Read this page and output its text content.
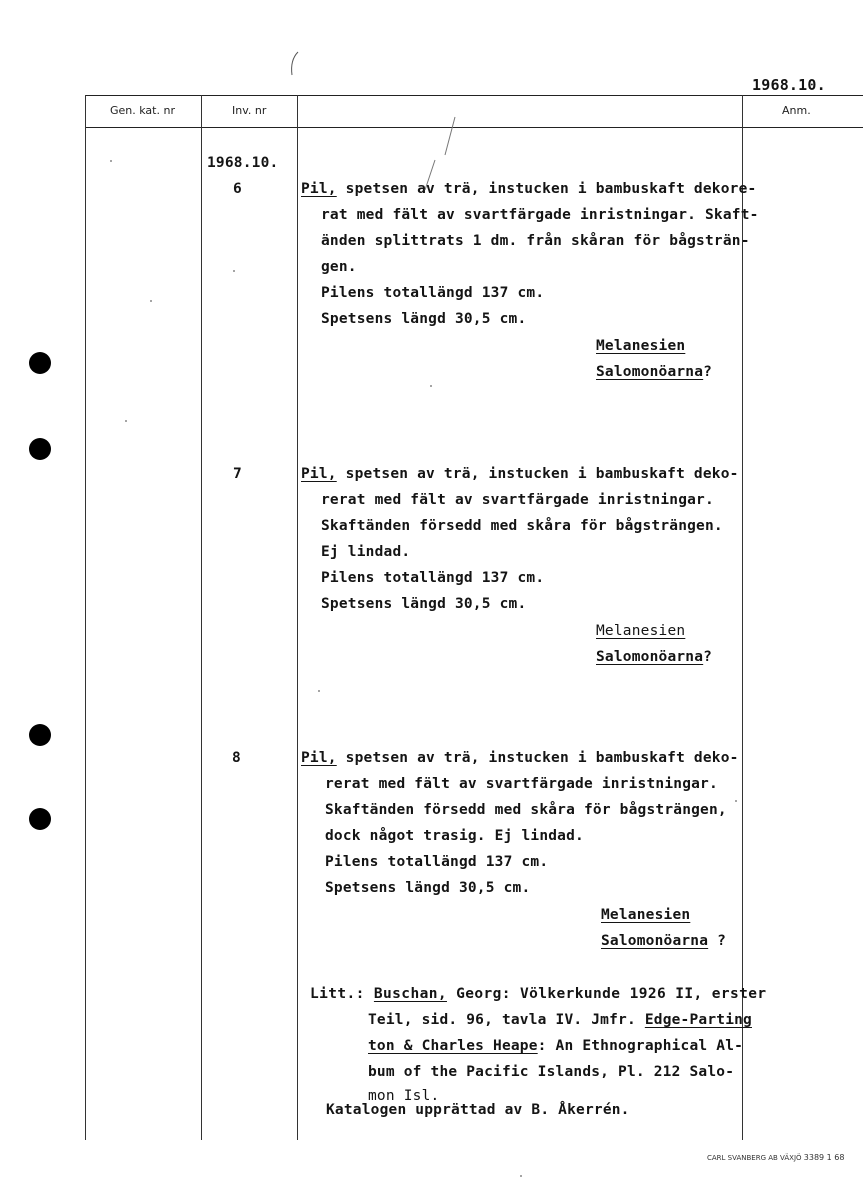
1968.10.
Gen. kat. nr	Inv. nr	Anm.
1968.10.
6	Pil, spetsen av trä, instucken i bambuskaft dekore-
rat med fält av svartfärgade inristningar. Skaft-
änden splittrats 1 dm. från skåran för bågsträn-
gen.
Pilens totallängd 137 cm.
Spetsens längd 30,5 cm.
Melanesien
Salomonöarna?
7	Pil, spetsen av trä, instucken i bambuskaft deko-
rerat med fält av svartfärgade inristningar.
Skaftänden försedd med skåra för bågsträngen.
Ej lindad.
Pilens totallängd 137 cm.
Spetsens längd 30,5 cm.
Melanesien
Salomonöarna?
8	Pil, spetsen av trä, instucken i bambuskaft deko-
rerat med fält av svartfärgade inristningar.
Skaftänden försedd med skåra för bågsträngen,
dock något trasig. Ej lindad.
Pilens totallängd 137 cm.
Spetsens längd 30,5 cm.
Melanesien
Salomonöarna ?
Litt.: Buschan, Georg: Völkerkunde 1926 II, erster
Teil, sid. 96, tavla IV. Jmfr. Edge-Parting
ton & Charles Heape: An Ethnographical Al-
bum of the Pacific Islands, Pl. 212 Salo-
mon Isl.
Katalogen upprättad av B. Åkerrén.
CARL SVANBERG AB VÄXJÖ 3389 1 68
